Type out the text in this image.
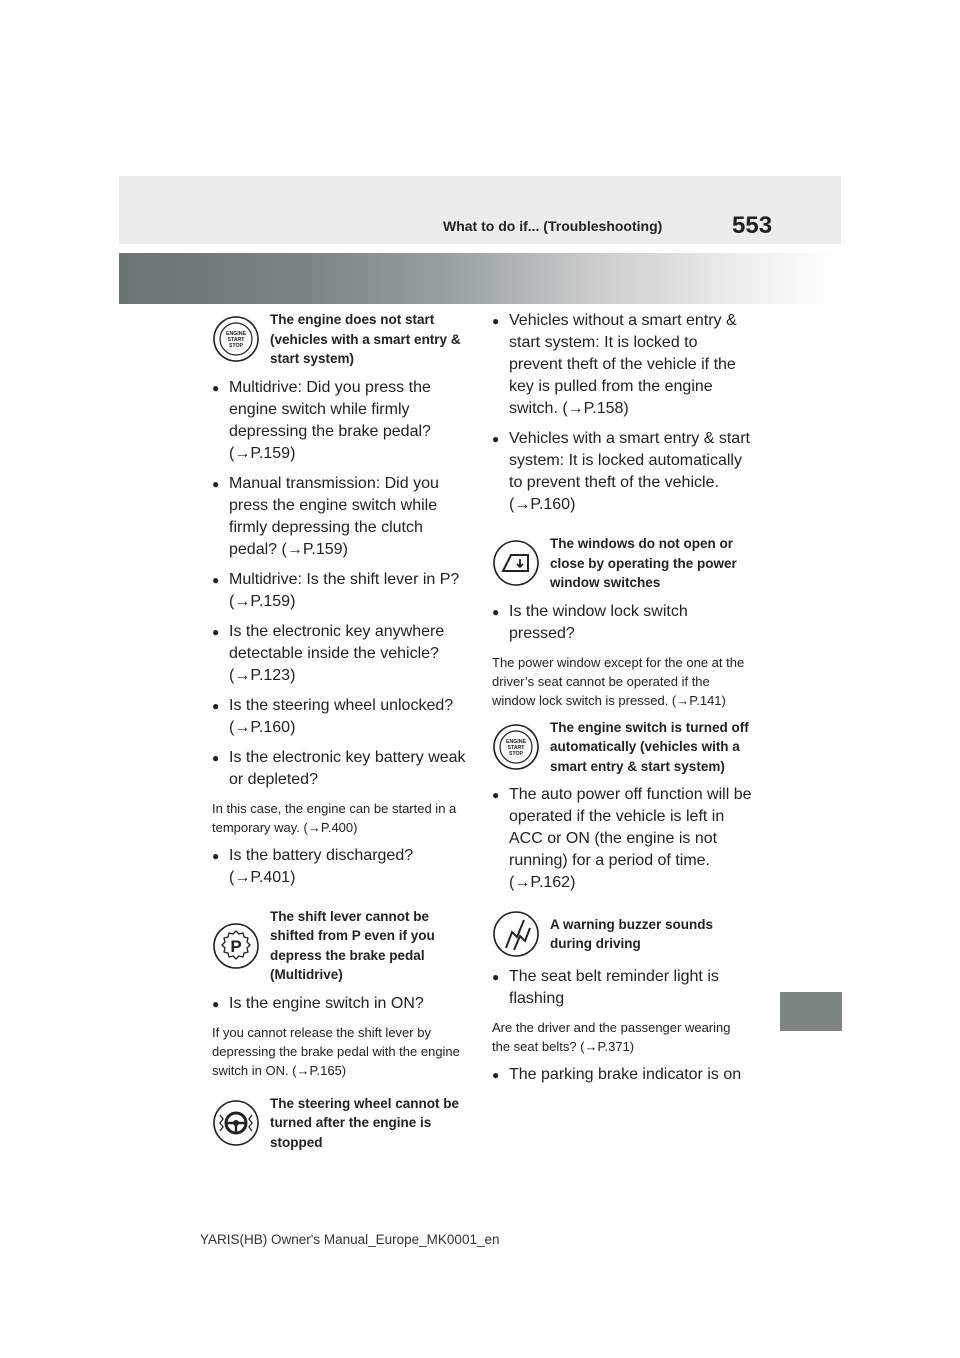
What to do if... (Troubleshooting)	553
ENGINE
START
STOP
The engine does not start (vehicles with a smart entry & start system)
● Multidrive: Did you press the engine switch while firmly depressing the brake pedal? (→P.159)
● Manual transmission: Did you press the engine switch while firmly depressing the clutch pedal? (→P.159)
● Multidrive: Is the shift lever in P? (→P.159)
● Is the electronic key anywhere detectable inside the vehicle? (→P.123)
● Is the steering wheel unlocked? (→P.160)
● Is the electronic key battery weak or depleted?
In this case, the engine can be started in a temporary way. (→P.400)
● Is the battery discharged? (→P.401)
P
The shift lever cannot be shifted from P even if you depress the brake pedal (Multidrive)
● Is the engine switch in ON?
If you cannot release the shift lever by depressing the brake pedal with the engine switch in ON. (→P.165)
The steering wheel cannot be turned after the engine is stopped
● Vehicles without a smart entry & start system: It is locked to prevent theft of the vehicle if the key is pulled from the engine switch. (→P.158)
● Vehicles with a smart entry & start system: It is locked automatically to prevent theft of the vehicle. (→P.160)
The windows do not open or close by operating the power window switches
● Is the window lock switch pressed?
The power window except for the one at the driver’s seat cannot be operated if the window lock switch is pressed. (→P.141)
ENGINE
START
STOP
The engine switch is turned off automatically (vehicles with a smart entry & start system)
● The auto power off function will be operated if the vehicle is left in ACC or ON (the engine is not running) for a period of time. (→P.162)
A warning buzzer sounds during driving
● The seat belt reminder light is flashing
Are the driver and the passenger wearing the seat belts? (→P.371)
● The parking brake indicator is on
YARIS(HB) Owner's Manual_Europe_MK0001_en
